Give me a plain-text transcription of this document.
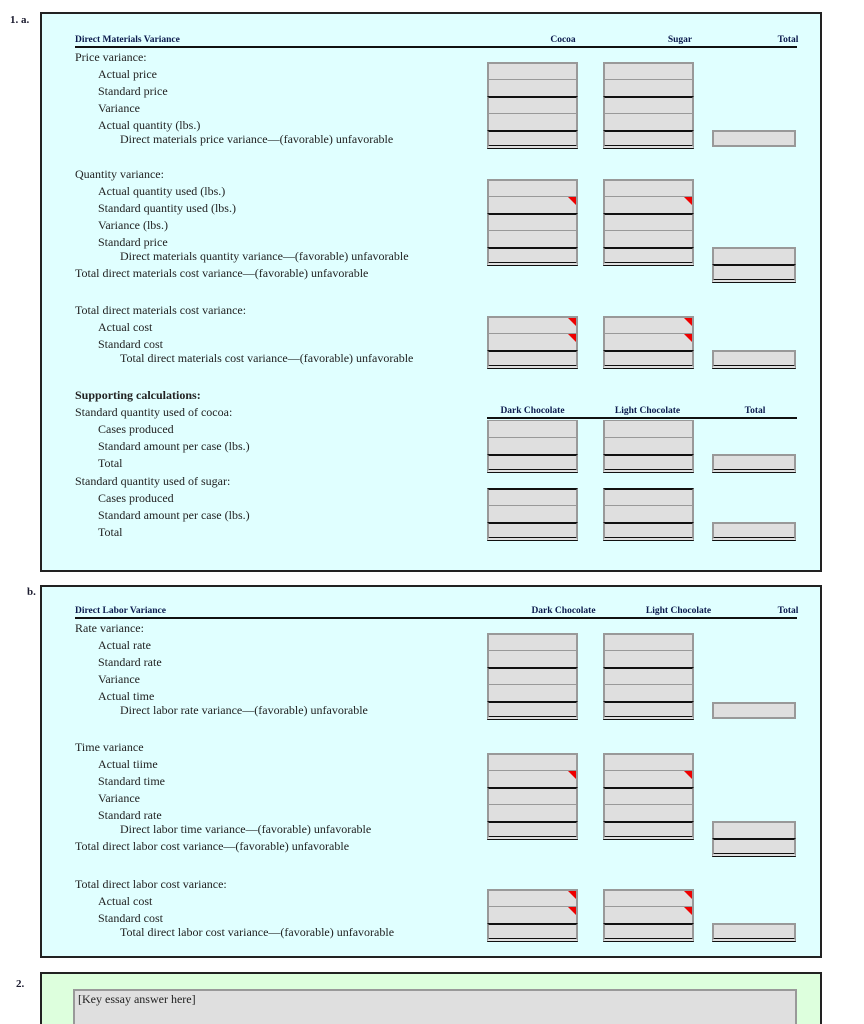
1. a.
Direct Materials Variance	Cocoa	Sugar	Total
Price variance:
Actual price
Standard price
Variance
Actual quantity (lbs.)
Direct materials price variance—(favorable) unfavorable
Quantity variance:
Actual quantity used (lbs.)
Standard quantity used (lbs.)
Variance (lbs.)
Standard price
Direct materials quantity variance—(favorable) unfavorable
Total direct materials cost variance—(favorable) unfavorable
Total direct materials cost variance:
Actual cost
Standard cost
Total direct materials cost variance—(favorable) unfavorable
Supporting calculations:
Dark Chocolate	Light Chocolate	Total
Standard quantity used of cocoa:
Cases produced
Standard amount per case (lbs.)
Total
Standard quantity used of sugar:
Cases produced
Standard amount per case (lbs.)
Total
b.
Direct Labor Variance	Dark Chocolate	Light Chocolate	Total
Rate variance:
Actual rate
Standard rate
Variance
Actual time
Direct labor rate variance—(favorable) unfavorable
Time variance
Actual tiime
Standard time
Variance
Standard rate
Direct labor time variance—(favorable) unfavorable
Total direct labor cost variance—(favorable) unfavorable
Total direct labor cost variance:
Actual cost
Standard cost
Total direct labor cost variance—(favorable) unfavorable
2.
[Key essay answer here]
